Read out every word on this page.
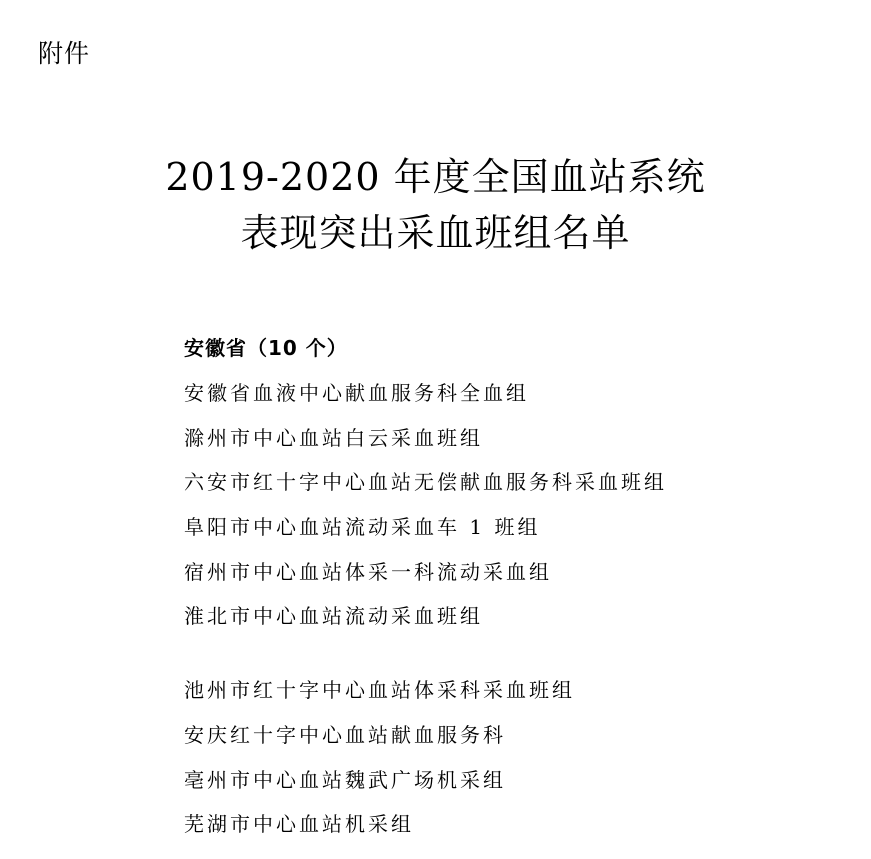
附件
2019-2020 年度全国血站系统
表现突出采血班组名单
安徽省（10 个）
安徽省血液中心献血服务科全血组
滁州市中心血站白云采血班组
六安市红十字中心血站无偿献血服务科采血班组
阜阳市中心血站流动采血车 1 班组
宿州市中心血站体采一科流动采血组
淮北市中心血站流动采血班组
池州市红十字中心血站体采科采血班组
安庆红十字中心血站献血服务科
亳州市中心血站魏武广场机采组
芜湖市中心血站机采组
